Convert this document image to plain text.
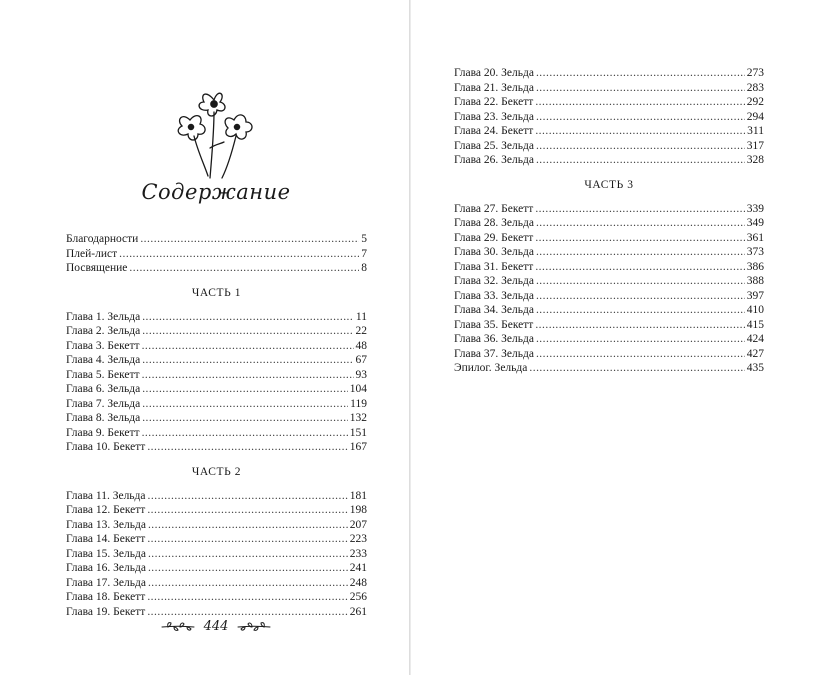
Содержание
Благодарности . . .	5
Плей-лист . . .	7
Посвящение . . .	8
ЧАСТЬ 1
Глава 1. Зельда . . .	11
Глава 2. Зельда . . .	22
Глава 3. Бекетт . . .	48
Глава 4. Зельда . . .	67
Глава 5. Бекетт . . .	93
Глава 6. Зельда . . .	104
Глава 7. Зельда . . .	119
Глава 8. Зельда . . .	132
Глава 9. Бекетт . . .	151
Глава 10. Бекетт . . .	167
ЧАСТЬ 2
Глава 11. Зельда . . .	181
Глава 12. Бекетт . . .	198
Глава 13. Зельда . . .	207
Глава 14. Бекетт . . .	223
Глава 15. Зельда . . .	233
Глава 16. Зельда . . .	241
Глава 17. Зельда . . .	248
Глава 18. Бекетт . . .	256
Глава 19. Бекетт . . .	261
444
Глава 20. Зельда . . .	273
Глава 21. Зельда . . .	283
Глава 22. Бекетт . . .	292
Глава 23. Зельда . . .	294
Глава 24. Бекетт . . .	311
Глава 25. Зельда . . .	317
Глава 26. Зельда . . .	328
ЧАСТЬ 3
Глава 27. Бекетт . . .	339
Глава 28. Зельда . . .	349
Глава 29. Бекетт . . .	361
Глава 30. Зельда . . .	373
Глава 31. Бекетт . . .	386
Глава 32. Зельда . . .	388
Глава 33. Зельда . . .	397
Глава 34. Зельда . . .	410
Глава 35. Бекетт . . .	415
Глава 36. Зельда . . .	424
Глава 37. Зельда . . .	427
Эпилог. Зельда . . .	435
